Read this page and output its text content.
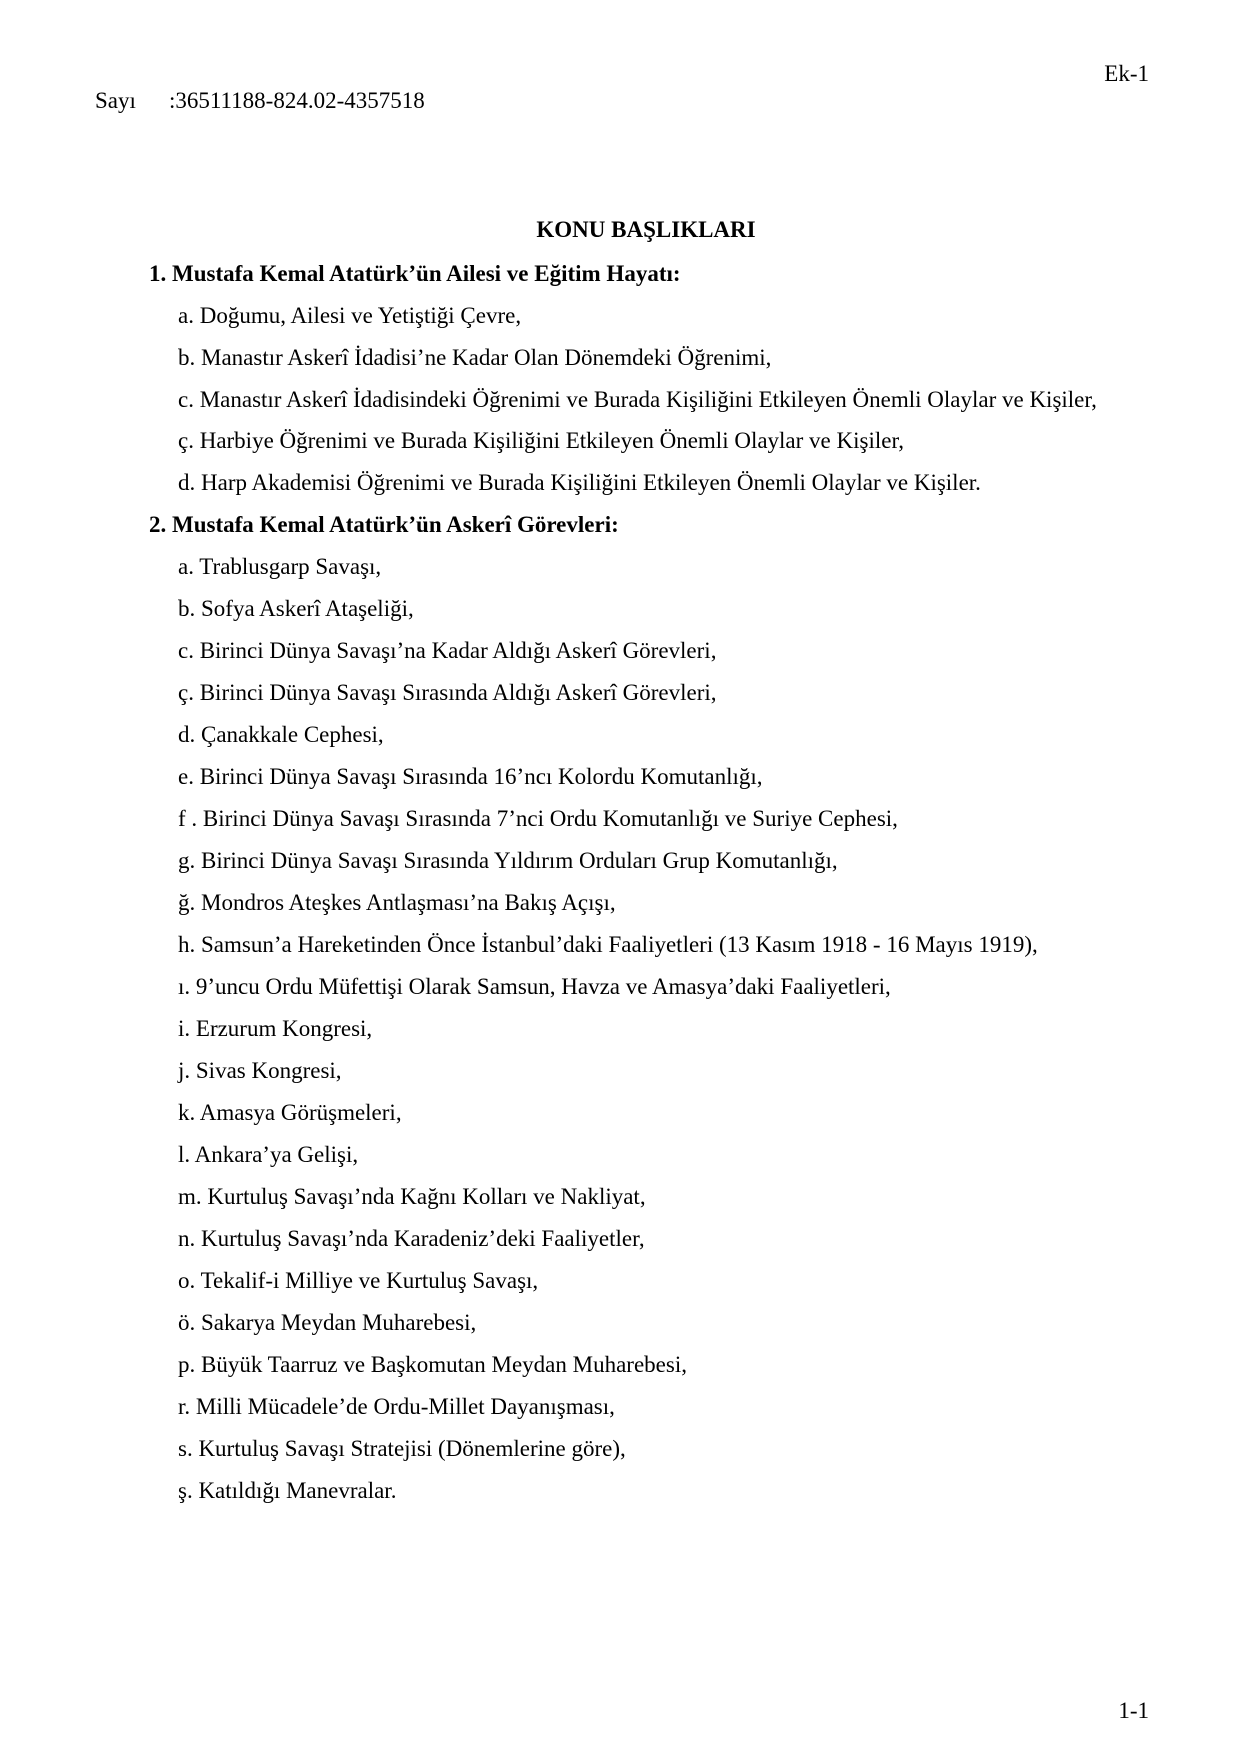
Ek-1
Sayı :36511188-824.02-4357518
KONU BAŞLIKLARI
1. Mustafa Kemal Atatürk’ün Ailesi ve Eğitim Hayatı:
a. Doğumu, Ailesi ve Yetiştiği Çevre,
b. Manastır Askerî İdadisi’ne Kadar Olan Dönemdeki Öğrenimi,
c. Manastır Askerî İdadisindeki Öğrenimi ve Burada Kişiliğini Etkileyen Önemli Olaylar ve Kişiler,
ç. Harbiye Öğrenimi ve Burada Kişiliğini Etkileyen Önemli Olaylar ve Kişiler,
d. Harp Akademisi Öğrenimi ve Burada Kişiliğini Etkileyen Önemli Olaylar ve Kişiler.
2. Mustafa Kemal Atatürk’ün Askerî Görevleri:
a. Trablusgarp Savaşı,
b. Sofya Askerî Ataşeliği,
c. Birinci Dünya Savaşı’na Kadar Aldığı Askerî Görevleri,
ç. Birinci Dünya Savaşı Sırasında Aldığı Askerî Görevleri,
d. Çanakkale Cephesi,
e. Birinci Dünya Savaşı Sırasında 16’ncı Kolordu Komutanlığı,
f . Birinci Dünya Savaşı Sırasında 7’nci Ordu Komutanlığı ve Suriye Cephesi,
g. Birinci Dünya Savaşı Sırasında Yıldırım Orduları Grup Komutanlığı,
ğ. Mondros Ateşkes Antlaşması’na Bakış Açışı,
h. Samsun’a Hareketinden Önce İstanbul’daki Faaliyetleri (13 Kasım 1918 - 16 Mayıs 1919),
ı. 9’uncu Ordu Müfettişi Olarak Samsun, Havza ve Amasya’daki Faaliyetleri,
i. Erzurum Kongresi,
j. Sivas Kongresi,
k. Amasya Görüşmeleri,
l. Ankara’ya Gelişi,
m. Kurtuluş Savaşı’nda Kağnı Kolları ve Nakliyat,
n. Kurtuluş Savaşı’nda Karadeniz’deki Faaliyetler,
o. Tekalif-i Milliye ve Kurtuluş Savaşı,
ö. Sakarya Meydan Muharebesi,
p. Büyük Taarruz ve Başkomutan Meydan Muharebesi,
r. Milli Mücadele’de Ordu-Millet Dayanışması,
s. Kurtuluş Savaşı Stratejisi (Dönemlerine göre),
ş. Katıldığı Manevralar.
1-1
